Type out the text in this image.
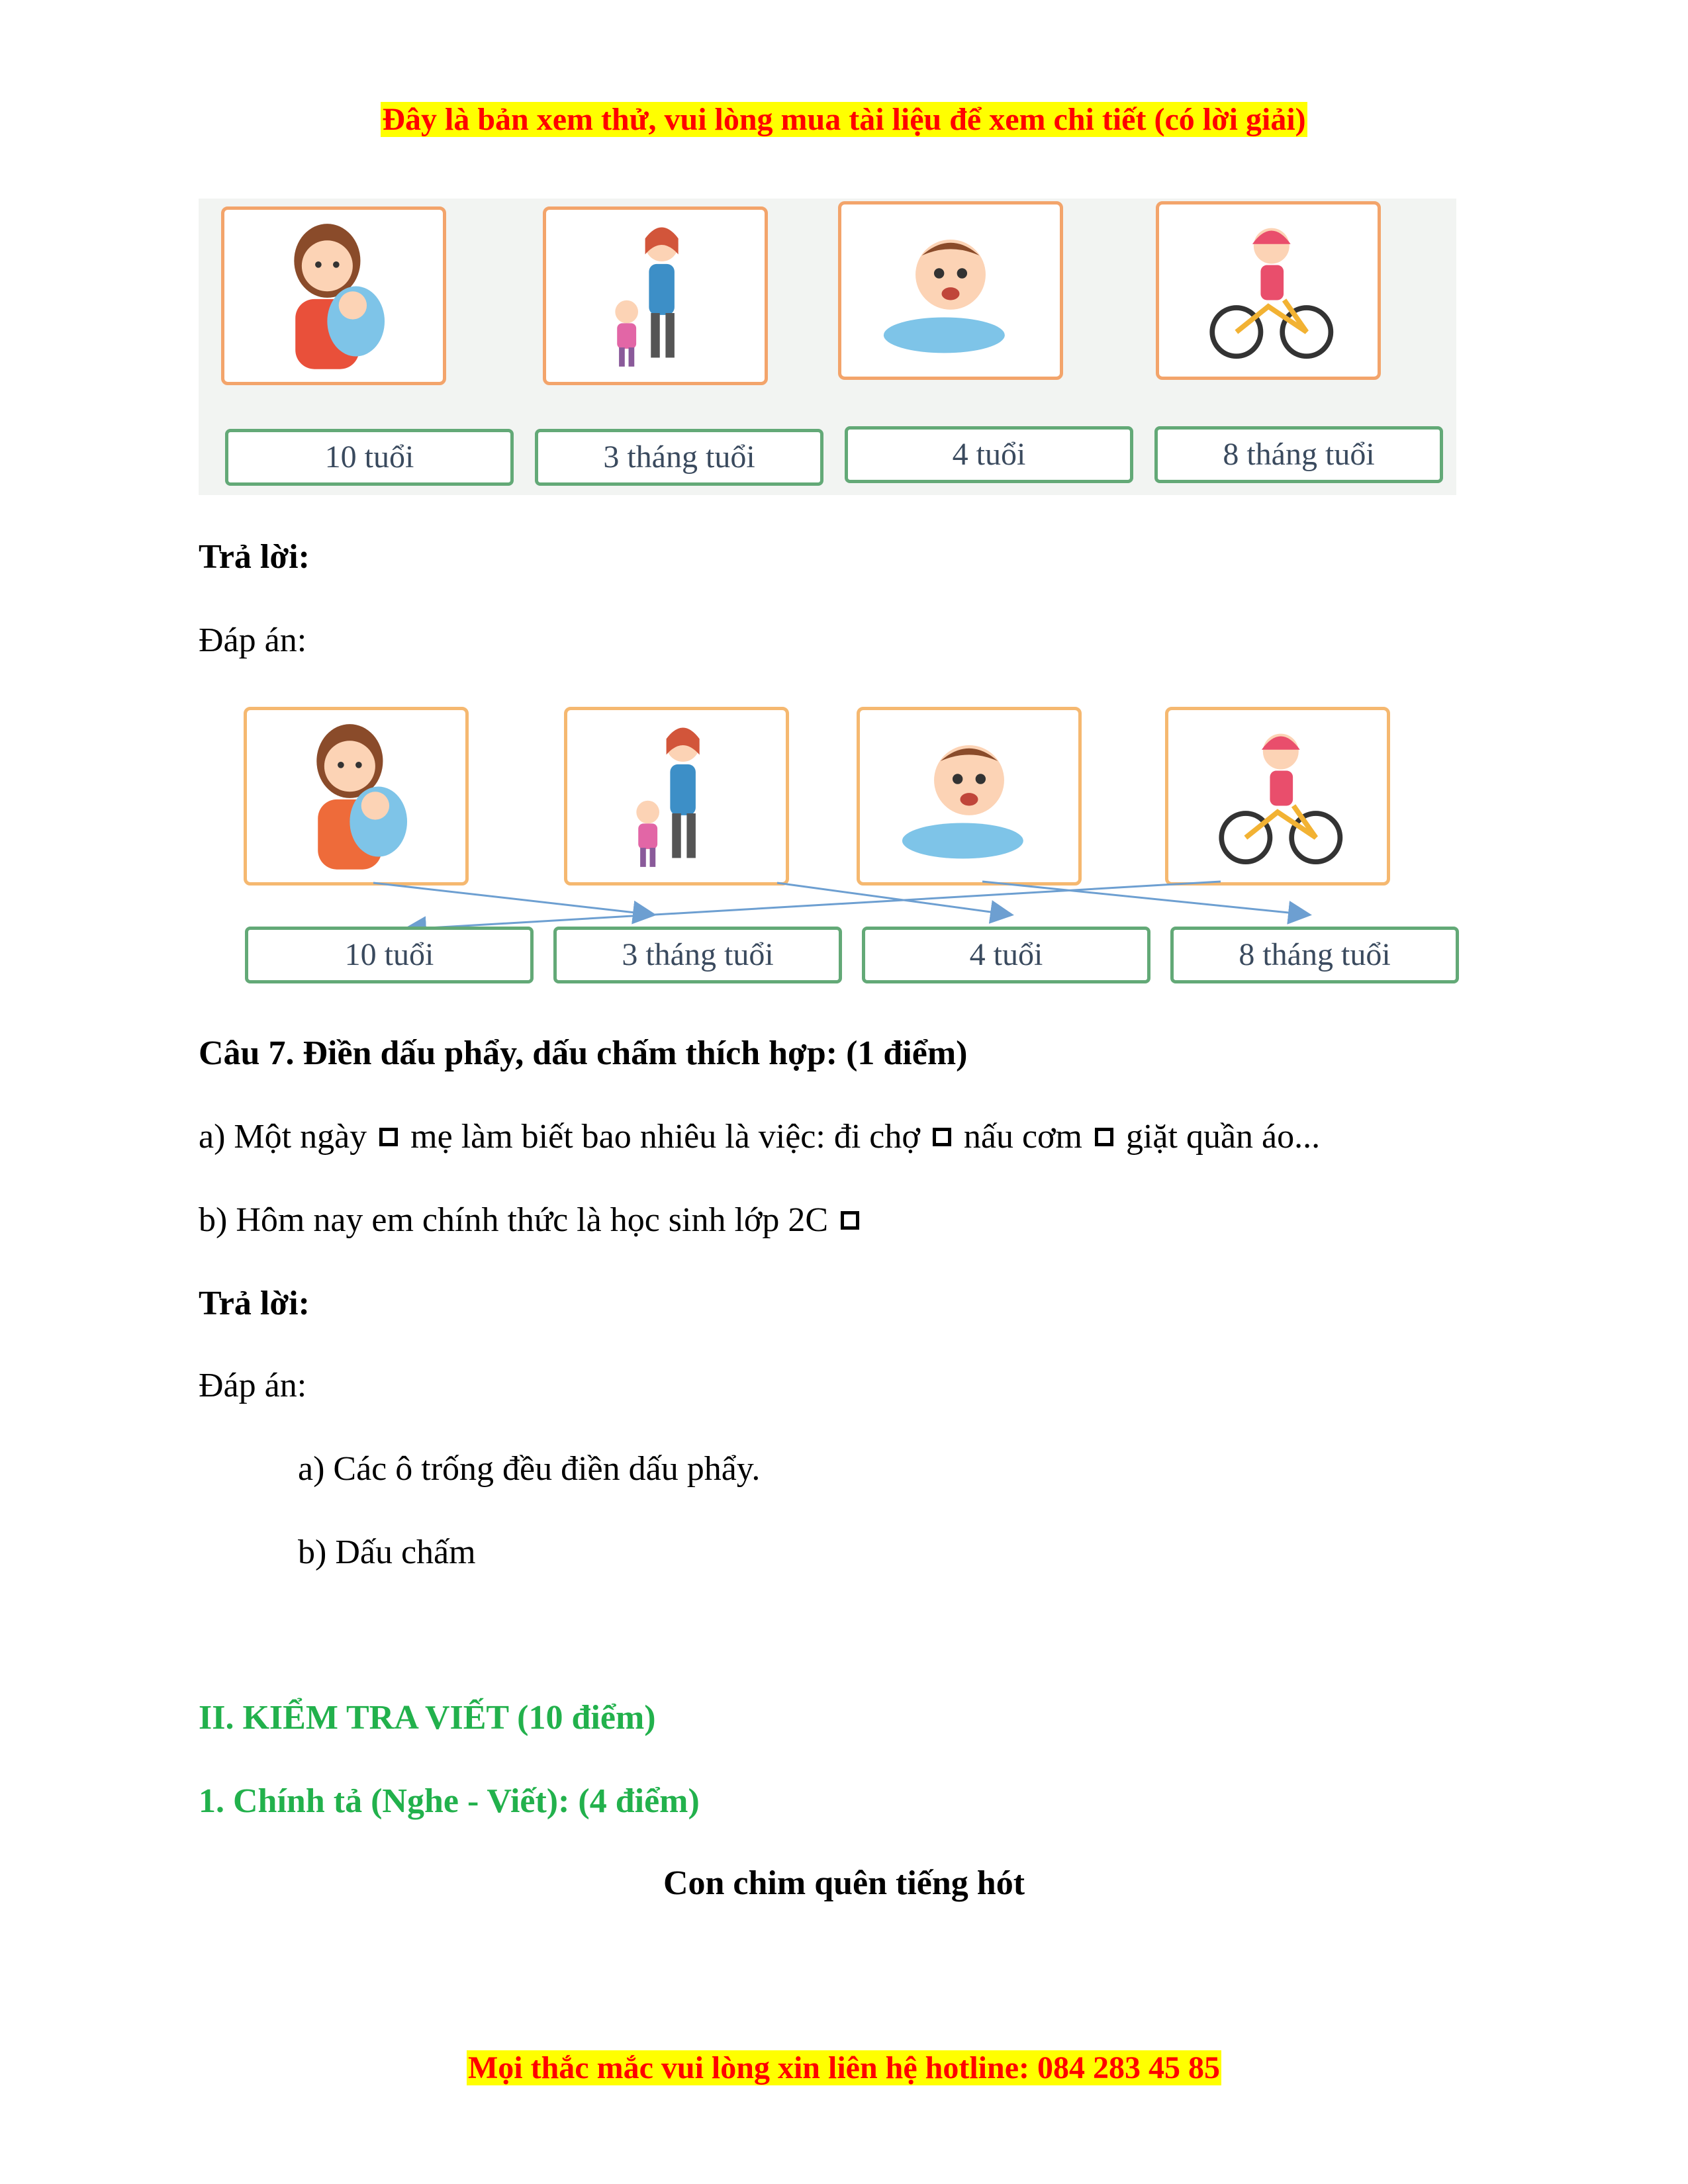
Đây là bản xem thử, vui lòng mua tài liệu để xem chi tiết (có lời giải)
10 tuổi	3 tháng tuổi	4 tuổi	8 tháng tuổi
Trả lời:
Đáp án:
10 tuổi	3 tháng tuổi	4 tuổi	8 tháng tuổi
Câu 7. Điền dấu phẩy, dấu chấm thích hợp: (1 điểm)
a) Một ngày mẹ làm biết bao nhiêu là việc: đi chợ nấu cơm giặt quần áo...
b) Hôm nay em chính thức là học sinh lớp 2C
Trả lời:
Đáp án:
a) Các ô trống đều điền dấu phẩy.
b) Dấu chấm
II. KIỂM TRA VIẾT (10 điểm)
1. Chính tả (Nghe - Viết): (4 điểm)
Con chim quên tiếng hót
Mọi thắc mắc vui lòng xin liên hệ hotline: 084 283 45 85
